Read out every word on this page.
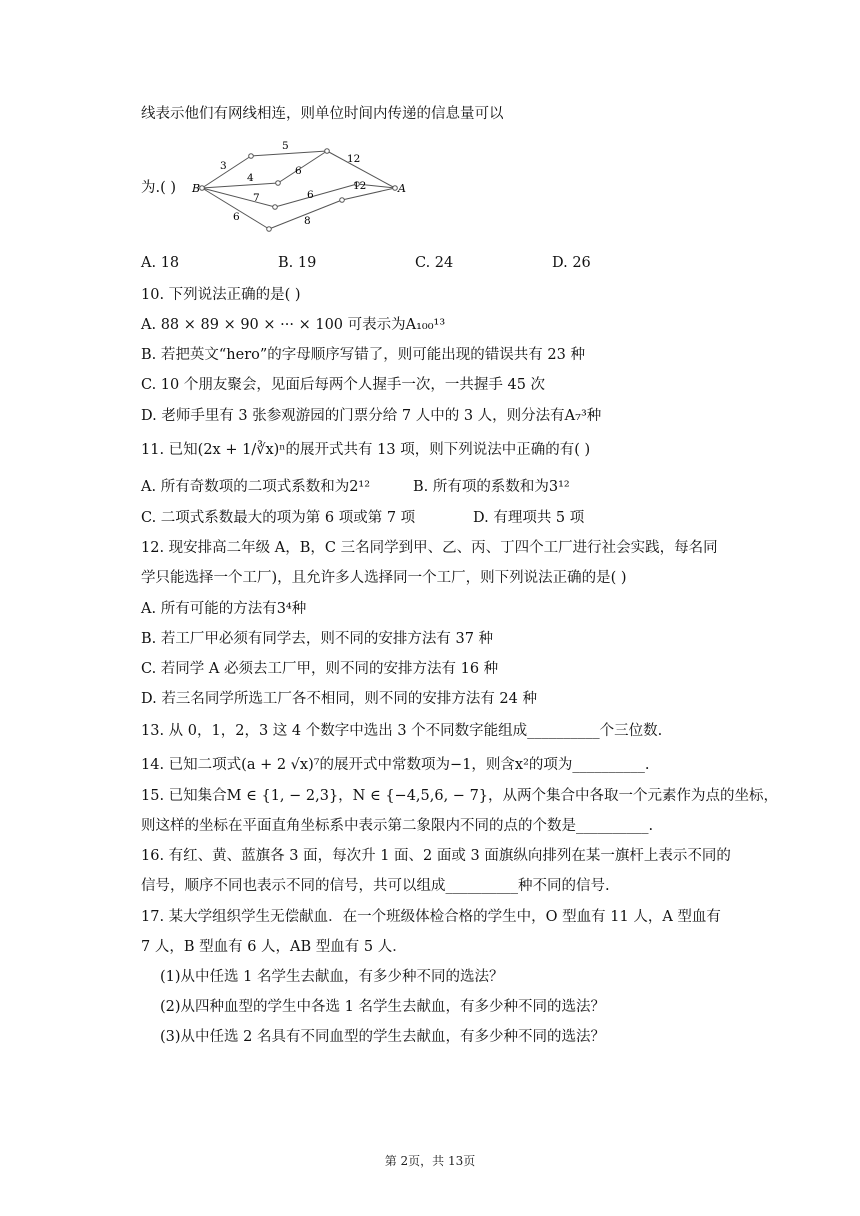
线表示他们有网线相连，则单位时间内传递的信息量可以
为.( ) B	A
3
5
12
4
6
7	6
12
6	8
A. 18	B. 19	C. 24	D. 26
10. 下列说法正确的是( )
A. 88 × 89 × 90 × ··· × 100 可表示为A₁₀₀¹³
B. 若把英文“hero”的字母顺序写错了，则可能出现的错误共有 23 种
C. 10 个朋友聚会，见面后每两个人握手一次，一共握手 45 次
D. 老师手里有 3 张参观游园的门票分给 7 人中的 3 人，则分法有A₇³种
11. 已知(2x + 1/∛x)ⁿ的展开式共有 13 项，则下列说法中正确的有( )
A. 所有奇数项的二项式系数和为2¹²	B. 所有项的系数和为3¹²
C. 二项式系数最大的项为第 6 项或第 7 项	D. 有理项共 5 项
12. 现安排高二年级 A，B，C 三名同学到甲、乙、丙、丁四个工厂进行社会实践，每名同
学只能选择一个工厂)，且允许多人选择同一个工厂，则下列说法正确的是( )
A. 所有可能的方法有3⁴种
B. 若工厂甲必须有同学去，则不同的安排方法有 37 种
C. 若同学 A 必须去工厂甲，则不同的安排方法有 16 种
D. 若三名同学所选工厂各不相同，则不同的安排方法有 24 种
13. 从 0，1，2，3 这 4 个数字中选出 3 个不同数字能组成__________个三位数.
14. 已知二项式(a + 2 √x)⁷的展开式中常数项为−1，则含x²的项为__________.
15. 已知集合M ∈ {1, − 2,3}，N ∈ {−4,5,6, − 7}，从两个集合中各取一个元素作为点的坐标，
则这样的坐标在平面直角坐标系中表示第二象限内不同的点的个数是__________.
16. 有红、黄、蓝旗各 3 面，每次升 1 面、2 面或 3 面旗纵向排列在某一旗杆上表示不同的
信号，顺序不同也表示不同的信号，共可以组成__________种不同的信号.
17. 某大学组织学生无偿献血．在一个班级体检合格的学生中，O 型血有 11 人，A 型血有
7 人，B 型血有 6 人，AB 型血有 5 人．
(1)从中任选 1 名学生去献血，有多少种不同的选法？
(2)从四种血型的学生中各选 1 名学生去献血，有多少种不同的选法？
(3)从中任选 2 名具有不同血型的学生去献血，有多少种不同的选法？
第 2页，共 13页
